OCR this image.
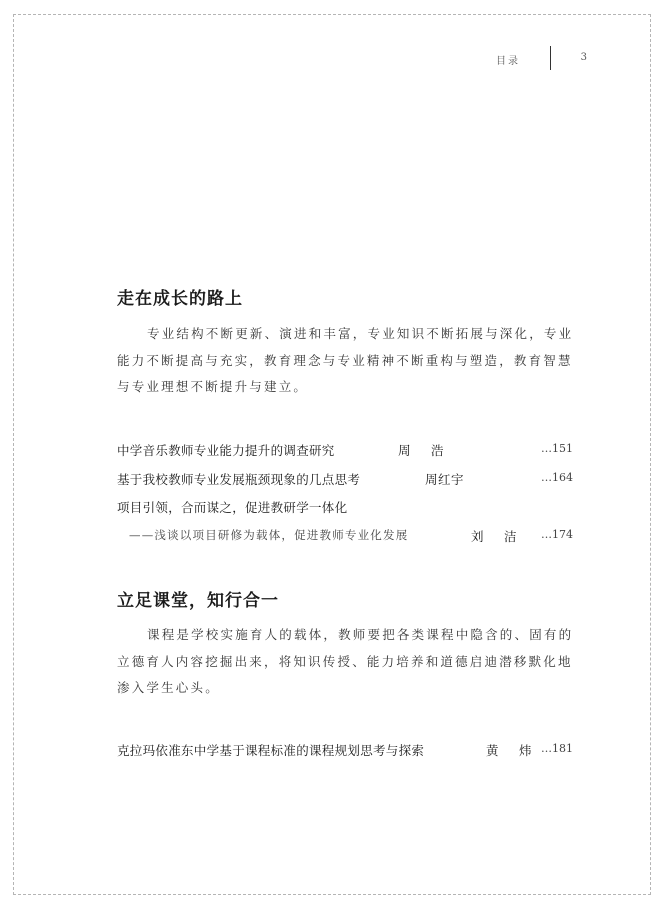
目录	3
走在成长的路上

专业结构不断更新、演进和丰富，专业知识不断拓展与深化，专业能力不断提高与充实，教育理念与专业精神不断重构与塑造，教育智慧与专业理想不断提升与建立。

中学音乐教师专业能力提升的调查研究	周　浩	…151
基于我校教师专业发展瓶颈现象的几点思考	周红宇	…164
项目引领，合而谋之，促进教研学一体化
——浅谈以项目研修为载体，促进教师专业化发展	刘　洁 …174
立足课堂，知行合一

课程是学校实施育人的载体，教师要把各类课程中隐含的、固有的立德育人内容挖掘出来，将知识传授、能力培养和道德启迪潜移默化地渗入学生心头。

克拉玛依准东中学基于课程标准的课程规划思考与探索	黄　炜 …181
